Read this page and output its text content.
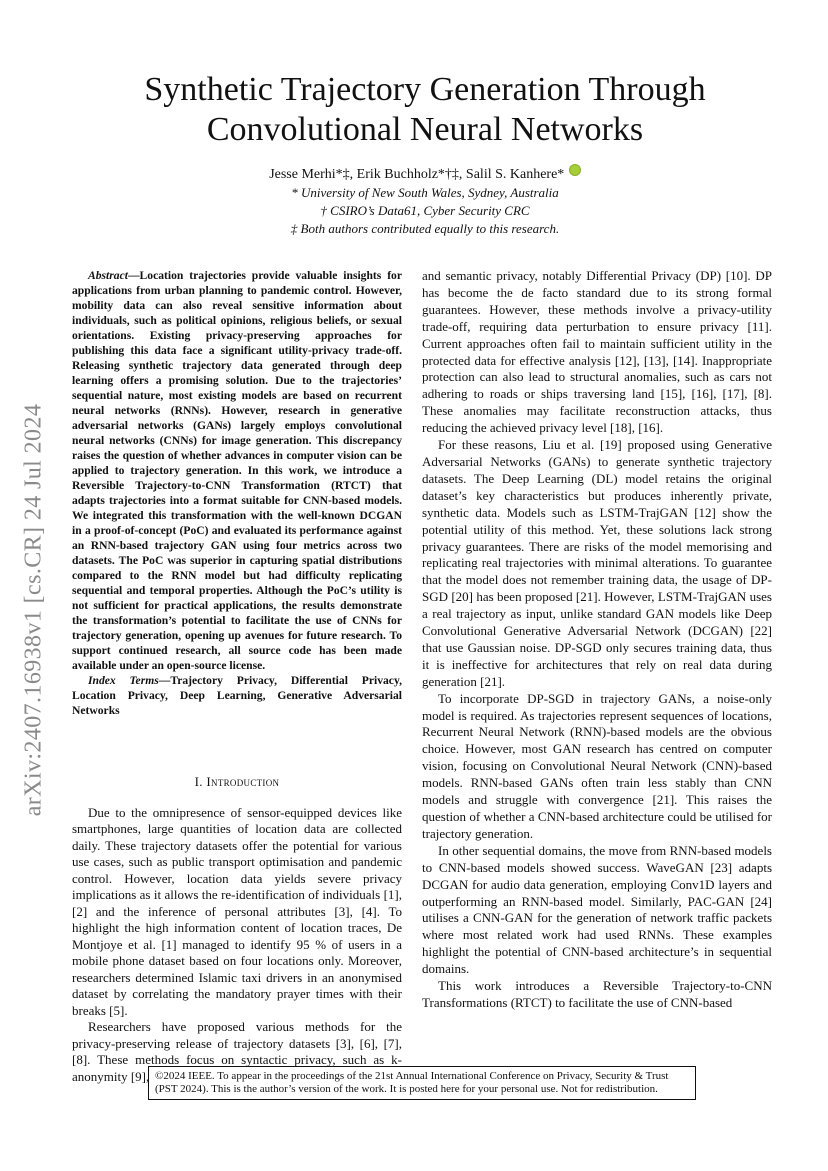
arXiv:2407.16938v1 [cs.CR] 24 Jul 2024
Synthetic Trajectory Generation Through Convolutional Neural Networks
Jesse Merhi*‡, Erik Buchholz*†‡, Salil S. Kanhere*
* University of New South Wales, Sydney, Australia
† CSIRO’s Data61, Cyber Security CRC
‡ Both authors contributed equally to this research.

Abstract—Location trajectories provide valuable insights for applications from urban planning to pandemic control. However, mobility data can also reveal sensitive information about individuals, such as political opinions, religious beliefs, or sexual orientations. Existing privacy-preserving approaches for publishing this data face a significant utility-privacy trade-off. Releasing synthetic trajectory data generated through deep learning offers a promising solution. Due to the trajectories’ sequential nature, most existing models are based on recurrent neural networks (RNNs). However, research in generative adversarial networks (GANs) largely employs convolutional neural networks (CNNs) for image generation. This discrepancy raises the question of whether advances in computer vision can be applied to trajectory generation. In this work, we introduce a Reversible Trajectory-to-CNN Transformation (RTCT) that adapts trajectories into a format suitable for CNN-based models. We integrated this transformation with the well-known DCGAN in a proof-of-concept (PoC) and evaluated its performance against an RNN-based trajectory GAN using four metrics across two datasets. The PoC was superior in capturing spatial distributions compared to the RNN model but had difficulty replicating sequential and temporal properties. Although the PoC’s utility is not sufficient for practical applications, the results demonstrate the transformation’s potential to facilitate the use of CNNs for trajectory generation, opening up avenues for future research. To support continued research, all source code has been made available under an open-source license.

Index Terms—Trajectory Privacy, Differential Privacy, Location Privacy, Deep Learning, Generative Adversarial Networks

I. Introduction

Due to the omnipresence of sensor-equipped devices like smartphones, large quantities of location data are collected daily. These trajectory datasets offer the potential for various use cases, such as public transport optimisation and pandemic control. However, location data yields severe privacy implications as it allows the re-identification of individuals [1], [2] and the inference of personal attributes [3], [4]. To highlight the high information content of location traces, De Montjoye et al. [1] managed to identify 95 % of users in a mobile phone dataset based on four locations only. Moreover, researchers determined Islamic taxi drivers in an anonymised dataset by correlating the mandatory prayer times with their breaks [5].

Researchers have proposed various methods for the privacy-preserving release of trajectory datasets [3], [6], [7], [8]. These methods focus on syntactic privacy, such as k-anonymity [9],

and semantic privacy, notably Differential Privacy (DP) [10]. DP has become the de facto standard due to its strong formal guarantees. However, these methods involve a privacy-utility trade-off, requiring data perturbation to ensure privacy [11]. Current approaches often fail to maintain sufficient utility in the protected data for effective analysis [12], [13], [14]. Inappropriate protection can also lead to structural anomalies, such as cars not adhering to roads or ships traversing land [15], [16], [17], [8]. These anomalies may facilitate reconstruction attacks, thus reducing the achieved privacy level [18], [16].

For these reasons, Liu et al. [19] proposed using Generative Adversarial Networks (GANs) to generate synthetic trajectory datasets. The Deep Learning (DL) model retains the original dataset’s key characteristics but produces inherently private, synthetic data. Models such as LSTM-TrajGAN [12] show the potential utility of this method. Yet, these solutions lack strong privacy guarantees. There are risks of the model memorising and replicating real trajectories with minimal alterations. To guarantee that the model does not remember training data, the usage of DP-SGD [20] has been proposed [21]. However, LSTM-TrajGAN uses a real trajectory as input, unlike standard GAN models like Deep Convolutional Generative Adversarial Network (DCGAN) [22] that use Gaussian noise. DP-SGD only secures training data, thus it is ineffective for architectures that rely on real data during generation [21].

To incorporate DP-SGD in trajectory GANs, a noise-only model is required. As trajectories represent sequences of locations, Recurrent Neural Network (RNN)-based models are the obvious choice. However, most GAN research has centred on computer vision, focusing on Convolutional Neural Network (CNN)-based models. RNN-based GANs often train less stably than CNN models and struggle with convergence [21]. This raises the question of whether a CNN-based architecture could be utilised for trajectory generation.

In other sequential domains, the move from RNN-based models to CNN-based models showed success. WaveGAN [23] adapts DCGAN for audio data generation, employing Conv1D layers and outperforming an RNN-based model. Similarly, PAC-GAN [24] utilises a CNN-GAN for the generation of network traffic packets where most related work had used RNNs. These examples highlight the potential of CNN-based architecture’s in sequential domains.

This work introduces a Reversible Trajectory-to-CNN Transformations (RTCT) to facilitate the use of CNN-based

©2024 IEEE. To appear in the proceedings of the 21st Annual International Conference on Privacy, Security & Trust (PST 2024). This is the author’s version of the work. It is posted here for your personal use. Not for redistribution.
